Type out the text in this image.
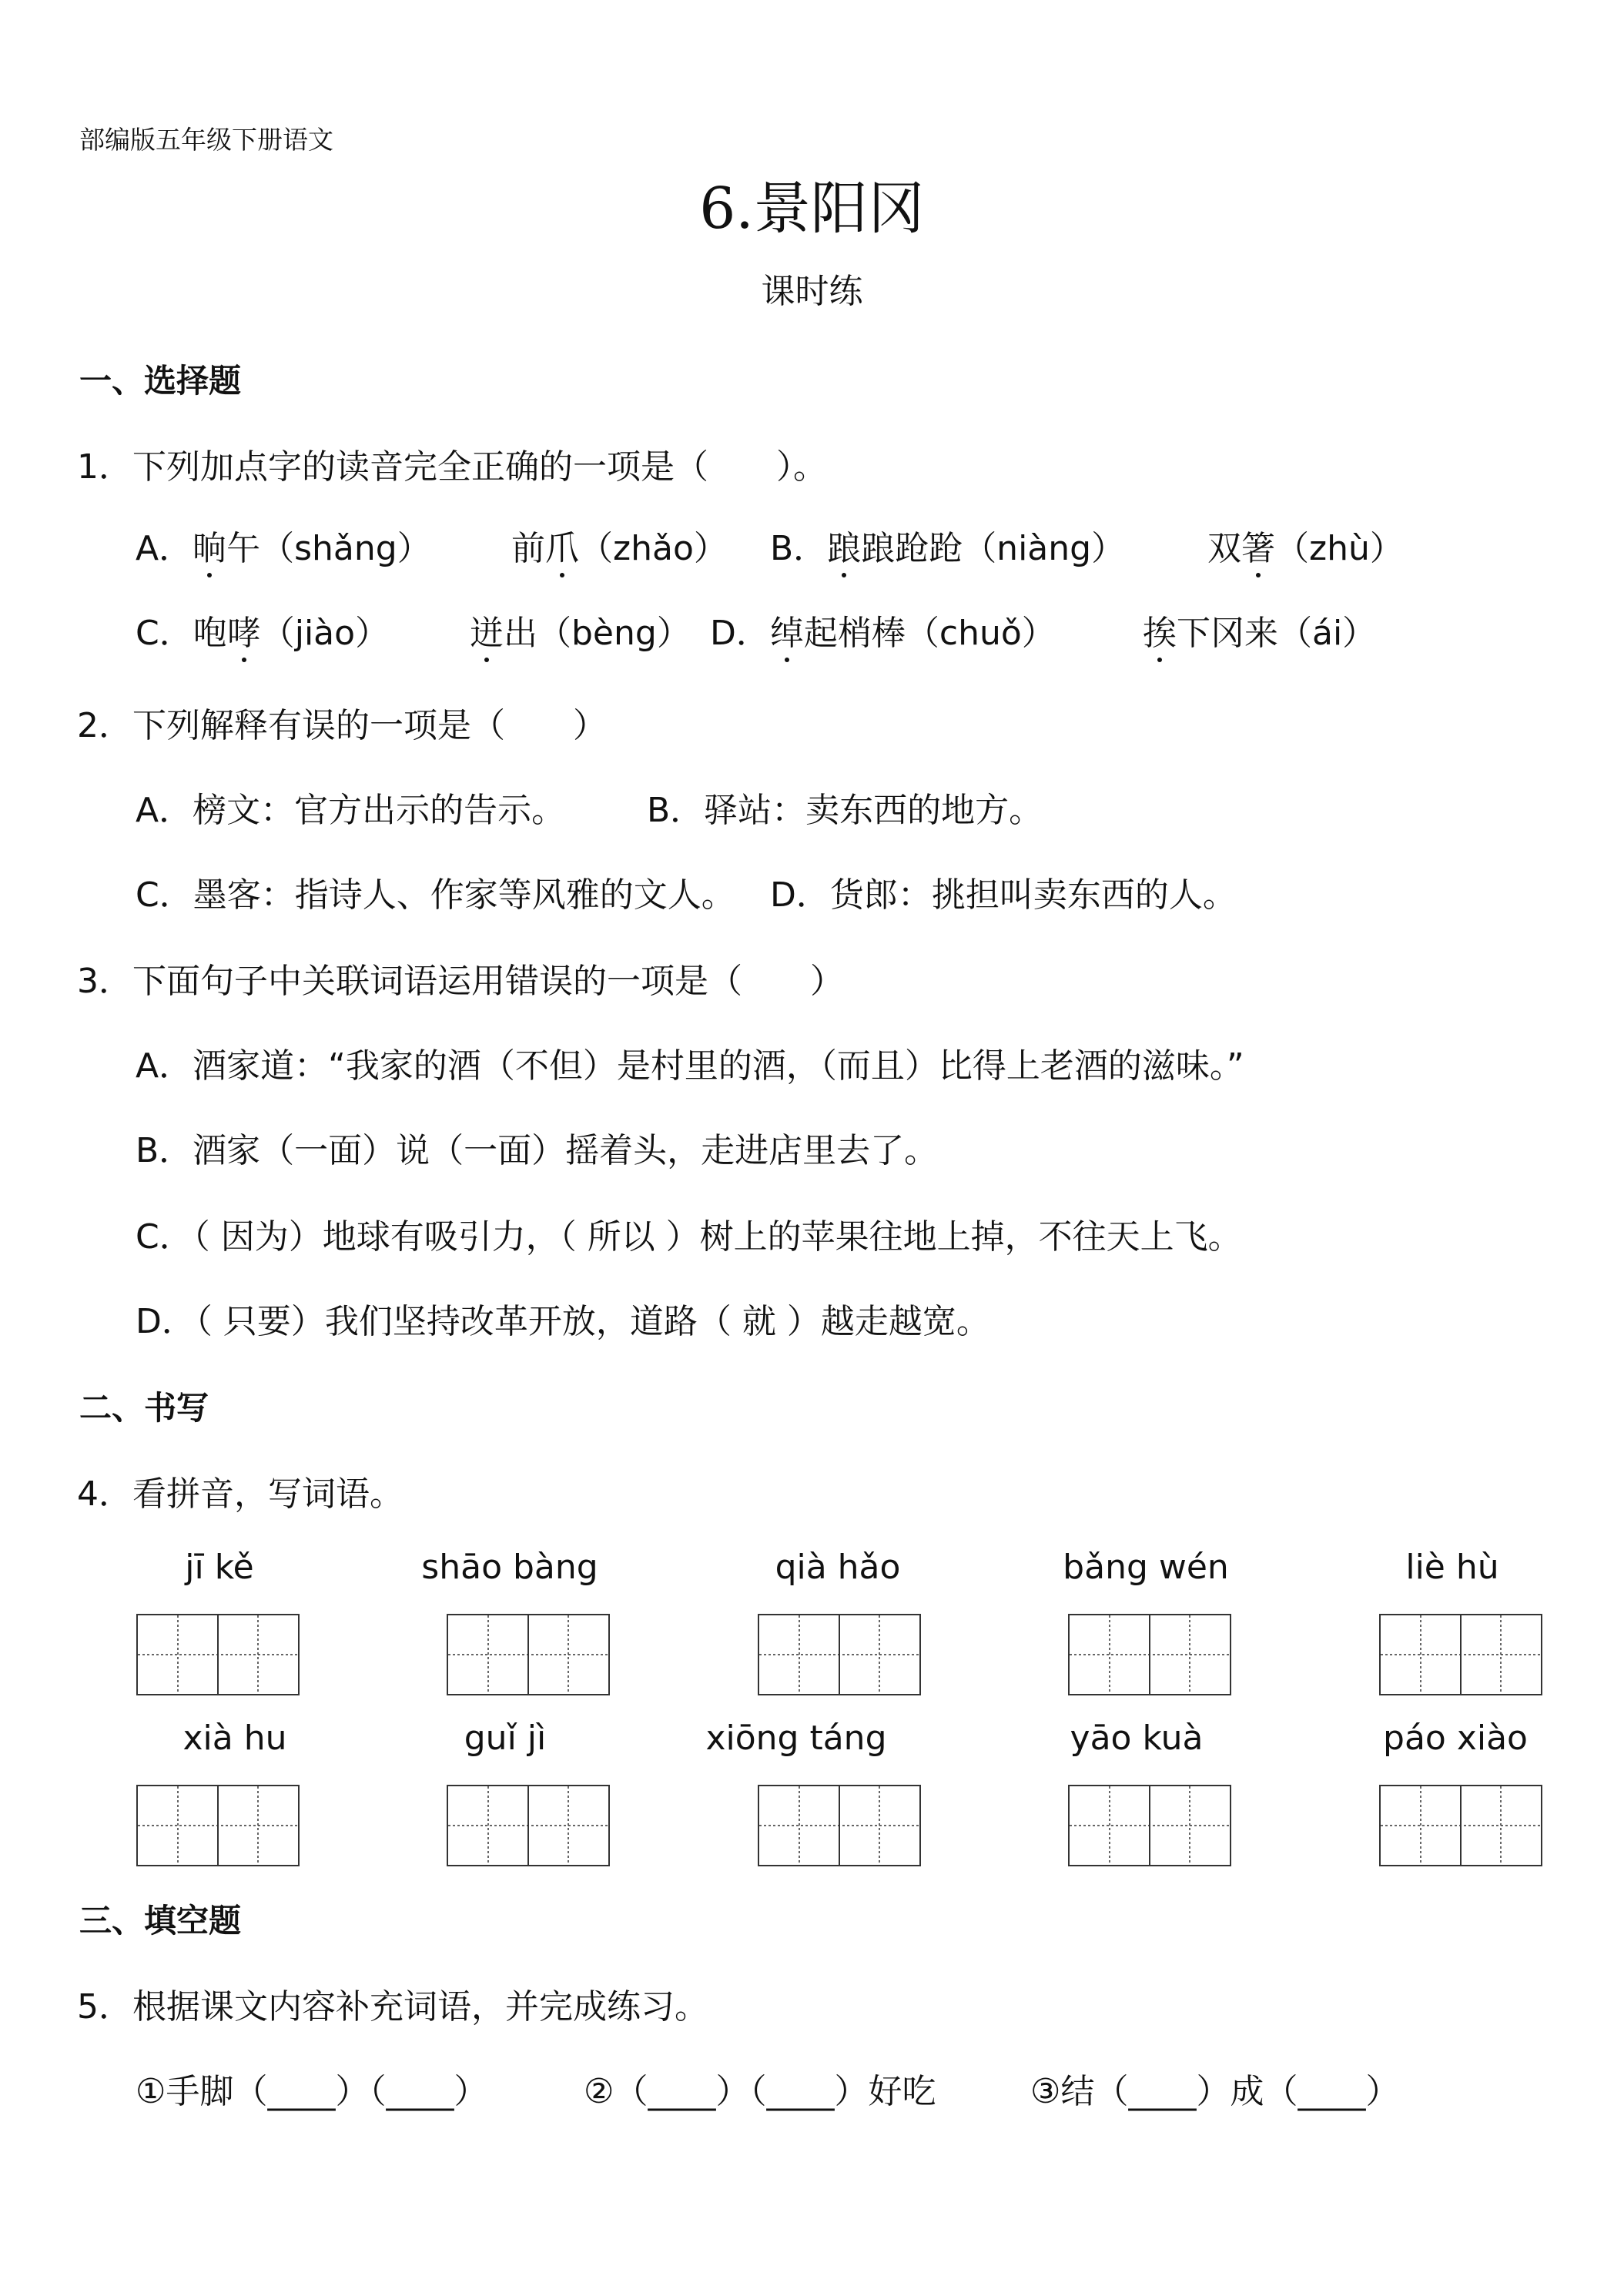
部编版五年级下册语文
6.景阳冈
课时练
一、选择题
1．下列加点字的读音完全正确的一项是（　　）。
A．晌午（shǎng） 前爪（zhǎo） B．踉踉跄跄（niàng） 双箸（zhù）
C．咆哮（jiào） 迸出（bèng） D．绰起梢棒（chuǒ）	挨下冈来（ái）
2．下列解释有误的一项是（　　）
A．榜文：官方出示的告示。 B．驿站：卖东西的地方。
C．墨客：指诗人、作家等风雅的文人。 D．货郎：挑担叫卖东西的人。
3．下面句子中关联词语运用错误的一项是（　　）
A．酒家道：“我家的酒（不但）是村里的酒，（而且）比得上老酒的滋味。”
B．酒家（一面）说（一面）摇着头，走进店里去了。
C．（ 因为）地球有吸引力，（ 所以 ）树上的苹果往地上掉，不往天上飞。
D．（ 只要）我们坚持改革开放，道路（ 就 ）越走越宽。
二、书写
4．看拼音，写词语。
jī kě	shāo bàng	qià hǎo	bǎng wén	liè hù
xià hu	guǐ jì	xiōng táng	yāo kuà	páo xiào
三、填空题
5．根据课文内容补充词语，并完成练习。
①手脚（____）（____）	②（____）（____）好吃	③结（____）成（____）
